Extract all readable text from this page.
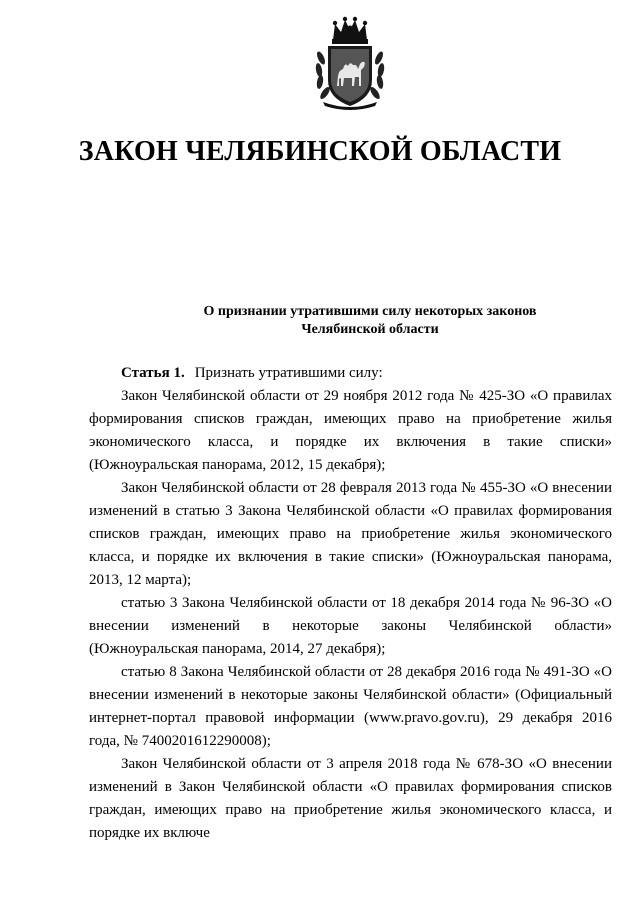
ЗАКОН ЧЕЛЯБИНСКОЙ ОБЛАСТИ
О признании утратившими силу некоторых законов
Челябинской области
Статья 1. Признать утратившими силу:

Закон Челябинской области от 29 ноября 2012 года № 425-ЗО «О правилах формирования списков граждан, имеющих право на приобретение жилья экономического класса, и порядке их включения в такие списки» (Южноуральская панорама, 2012, 15 декабря);

Закон Челябинской области от 28 февраля 2013 года № 455-ЗО «О внесении изменений в статью 3 Закона Челябинской области «О правилах формирования списков граждан, имеющих право на приобретение жилья экономического класса, и порядке их включения в такие списки» (Южноуральская панорама, 2013, 12 марта);

статью 3 Закона Челябинской области от 18 декабря 2014 года № 96-ЗО «О внесении изменений в некоторые законы Челябинской области» (Южноуральская панорама, 2014, 27 декабря);

статью 8 Закона Челябинской области от 28 декабря 2016 года № 491-ЗО «О внесении изменений в некоторые законы Челябинской области» (Официальный интернет-портал правовой информации (www.pravo.gov.ru), 29 декабря 2016 года, № 7400201612290008);

Закон Челябинской области от 3 апреля 2018 года № 678-ЗО «О внесении изменений в Закон Челябинской области «О правилах формирования списков граждан, имеющих право на приобретение жилья экономического класса, и порядке их включе
